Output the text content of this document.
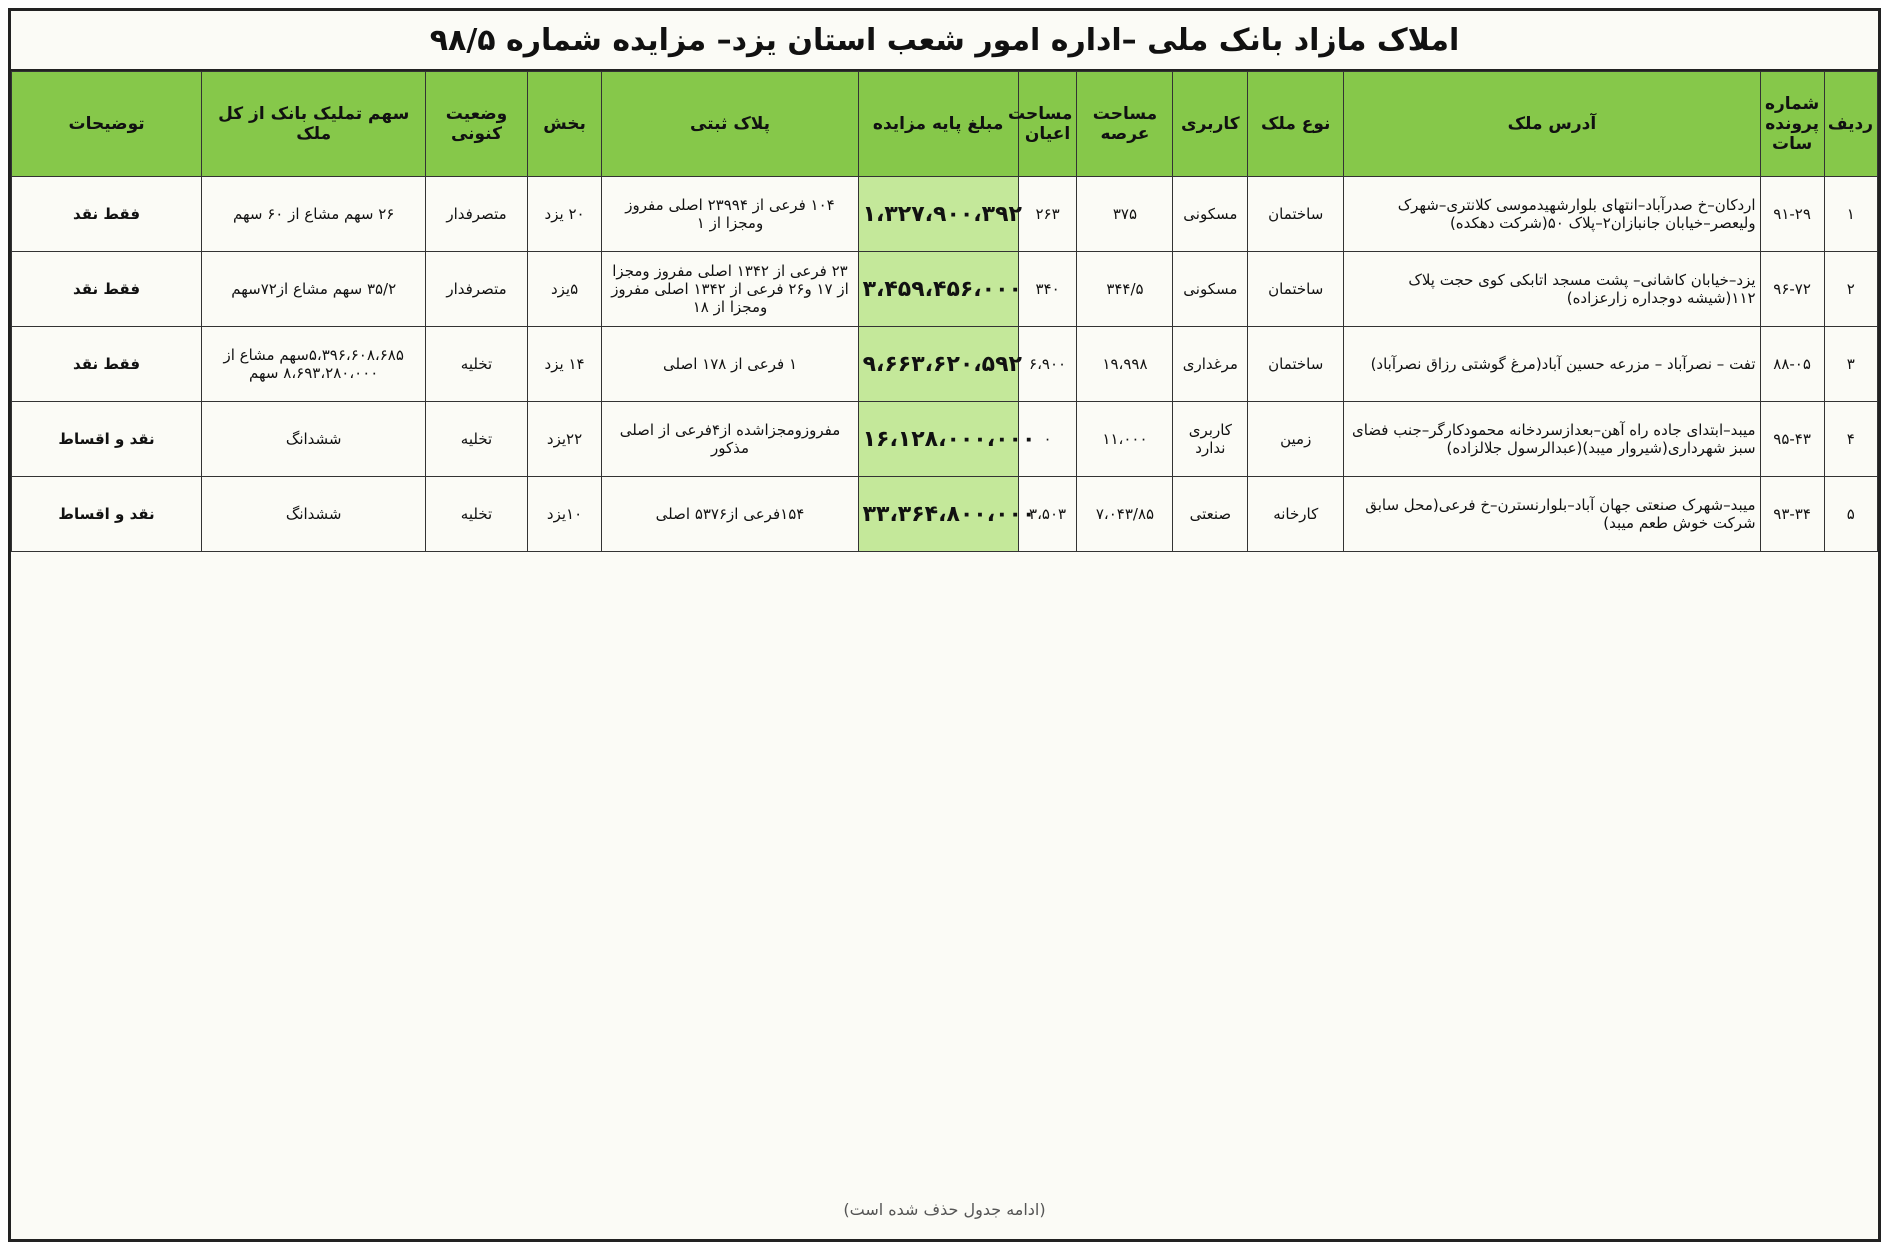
املاک مازاد بانک ملی –اداره امور شعب استان یزد– مزایده شماره ۹۸/۵
ردیف	شماره پرونده سات	آدرس ملک	نوع ملک	کاربری	مساحت عرصه	مساحت اعیان	مبلغ پایه مزایده	پلاک ثبتی	بخش	وضعیت کنونی	سهم تملیک بانک از کل ملک	توضیحات
۱	۹۱-۲۹	اردکان–خ صدرآباد–انتهای بلوارشهیدموسی کلانتری–شهرک ولیعصر–خیابان جانبازان۲–پلاک ۵۰(شرکت دهکده)	ساختمان	مسکونی	۳۷۵	۲۶۳	۱،۳۲۷،۹۰۰،۳۹۲	۱۰۴ فرعی از ۲۳۹۹۴ اصلی مفروز ومجزا از ۱	۲۰ یزد	متصرفدار	۲۶ سهم مشاع از ۶۰ سهم	فقط نقد
۲	۹۶-۷۲	یزد–خیابان کاشانی– پشت مسجد اتابکی کوی حجت پلاک ۱۱۲(شیشه دوجداره زارعزاده)	ساختمان	مسکونی	۳۴۴/۵	۳۴۰	۳،۴۵۹،۴۵۶،۰۰۰	۲۳ فرعی از ۱۳۴۲ اصلی مفروز ومجزا از ۱۷ و۲۶ فرعی از ۱۳۴۲ اصلی مفروز ومجزا از ۱۸	۵یزد	متصرفدار	۳۵/۲ سهم مشاع از۷۲سهم	فقط نقد
۳	۸۸-۰۵	تفت – نصرآباد – مزرعه حسین آباد(مرغ گوشتی رزاق نصرآباد)	ساختمان	مرغداری	۱۹،۹۹۸	۶،۹۰۰	۹،۶۶۳،۶۲۰،۵۹۲	۱ فرعی از ۱۷۸ اصلی	۱۴ یزد	تخلیه	۵،۳۹۶،۶۰۸،۶۸۵سهم مشاع از ۸،۶۹۳،۲۸۰،۰۰۰ سهم	فقط نقد
۴	۹۵-۴۳	میبد–ابتدای جاده راه آهن–بعدازسردخانه محمودکارگر–جنب فضای سبز شهرداری(شیروار میبد)(عبدالرسول جلالزاده)	زمین	کاربری ندارد	۱۱،۰۰۰	۰	۱۶،۱۲۸،۰۰۰،۰۰۰	مفروزومجزاشده از۴فرعی از اصلی مذکور	۲۲یزد	تخلیه	ششدانگ	نقد و اقساط
۵	۹۳-۳۴	میبد–شهرک صنعتی جهان آباد–بلوارنسترن–خ فرعی(محل سابق شرکت خوش طعم میبد)	کارخانه	صنعتی	۷،۰۴۳/۸۵	۳،۵۰۳	۳۳،۳۶۴،۸۰۰،۰۰۰	۱۵۴فرعی از۵۳۷۶ اصلی	۱۰یزد	تخلیه	ششدانگ	نقد و اقساط
(ادامه جدول حذف شده است)
